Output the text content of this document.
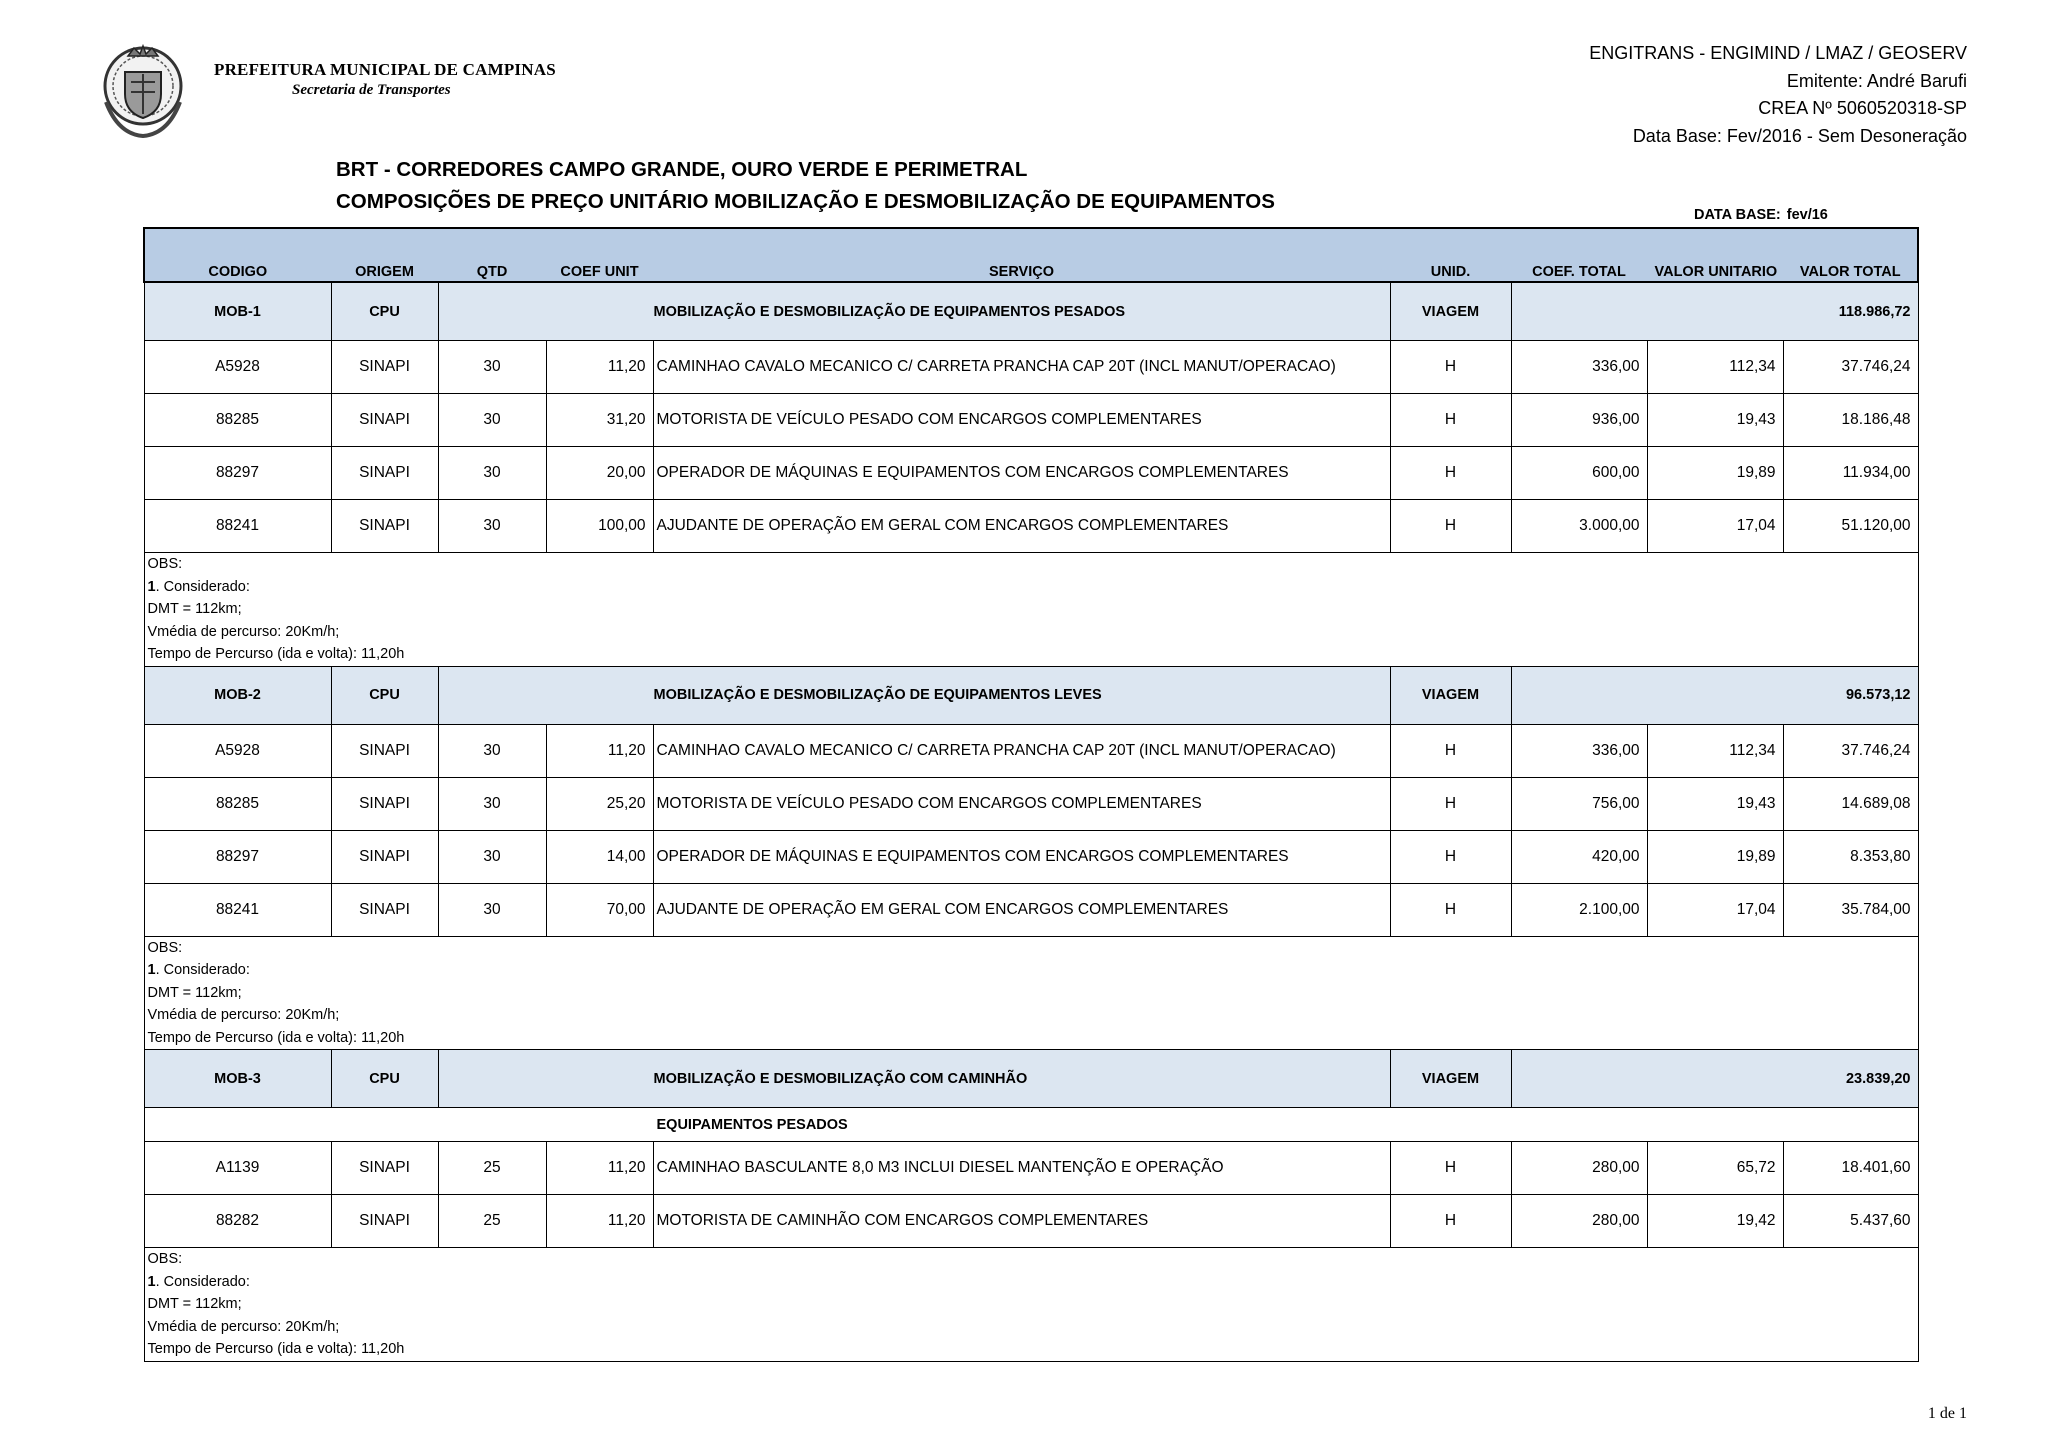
PREFEITURA MUNICIPAL DE CAMPINAS
Secretaria de Transportes
ENGITRANS - ENGIMIND / LMAZ / GEOSERV
Emitente: André Barufi
CREA Nº 5060520318-SP
Data Base: Fev/2016 - Sem Desoneração
BRT - CORREDORES CAMPO GRANDE, OURO VERDE E PERIMETRAL
COMPOSIÇÕES DE PREÇO UNITÁRIO MOBILIZAÇÃO E DESMOBILIZAÇÃO DE EQUIPAMENTOS
DATA BASE: fev/16
CODIGO	ORIGEM	QTD	COEF UNIT	SERVIÇO	UNID.	COEF. TOTAL	VALOR UNITARIO	VALOR TOTAL
MOB-1	CPU	MOBILIZAÇÃO E DESMOBILIZAÇÃO DE EQUIPAMENTOS PESADOS			VIAGEM	118.986,72		
A5928	SINAPI	30	11,20	CAMINHAO CAVALO MECANICO C/ CARRETA PRANCHA CAP 20T (INCL MANUT/OPERACAO)	H	336,00	112,34	37.746,24
88285	SINAPI	30	31,20	MOTORISTA DE VEÍCULO PESADO COM ENCARGOS COMPLEMENTARES	H	936,00	19,43	18.186,48
88297	SINAPI	30	20,00	OPERADOR DE MÁQUINAS E EQUIPAMENTOS COM ENCARGOS COMPLEMENTARES	H	600,00	19,89	11.934,00
88241	SINAPI	30	100,00	AJUDANTE DE OPERAÇÃO EM GERAL COM ENCARGOS COMPLEMENTARES	H	3.000,00	17,04	51.120,00

OBS:
1. Considerado:
DMT = 112km;
Vmédia de percurso: 20Km/h;
Tempo de Percurso (ida e volta): 11,20h								

MOB-2	CPU	MOBILIZAÇÃO E DESMOBILIZAÇÃO DE EQUIPAMENTOS LEVES			VIAGEM	96.573,12		
A5928	SINAPI	30	11,20	CAMINHAO CAVALO MECANICO C/ CARRETA PRANCHA CAP 20T (INCL MANUT/OPERACAO)	H	336,00	112,34	37.746,24
88285	SINAPI	30	25,20	MOTORISTA DE VEÍCULO PESADO COM ENCARGOS COMPLEMENTARES	H	756,00	19,43	14.689,08
88297	SINAPI	30	14,00	OPERADOR DE MÁQUINAS E EQUIPAMENTOS COM ENCARGOS COMPLEMENTARES	H	420,00	19,89	8.353,80
88241	SINAPI	30	70,00	AJUDANTE DE OPERAÇÃO EM GERAL COM ENCARGOS COMPLEMENTARES	H	2.100,00	17,04	35.784,00

OBS:
1. Considerado:
DMT = 112km;
Vmédia de percurso: 20Km/h;
Tempo de Percurso (ida e volta): 11,20h								

MOB-3	CPU	MOBILIZAÇÃO E DESMOBILIZAÇÃO COM CAMINHÃO			VIAGEM	23.839,20		
EQUIPAMENTOS PESADOS								
A1139	SINAPI	25	11,20	CAMINHAO BASCULANTE 8,0 M3 INCLUI DIESEL MANTENÇÃO E OPERAÇÃO	H	280,00	65,72	18.401,60
88282	SINAPI	25	11,20	MOTORISTA DE CAMINHÃO COM ENCARGOS COMPLEMENTARES	H	280,00	19,42	5.437,60

OBS:
1. Considerado:
DMT = 112km;
Vmédia de percurso: 20Km/h;
Tempo de Percurso (ida e volta): 11,20h								
1 de 1
